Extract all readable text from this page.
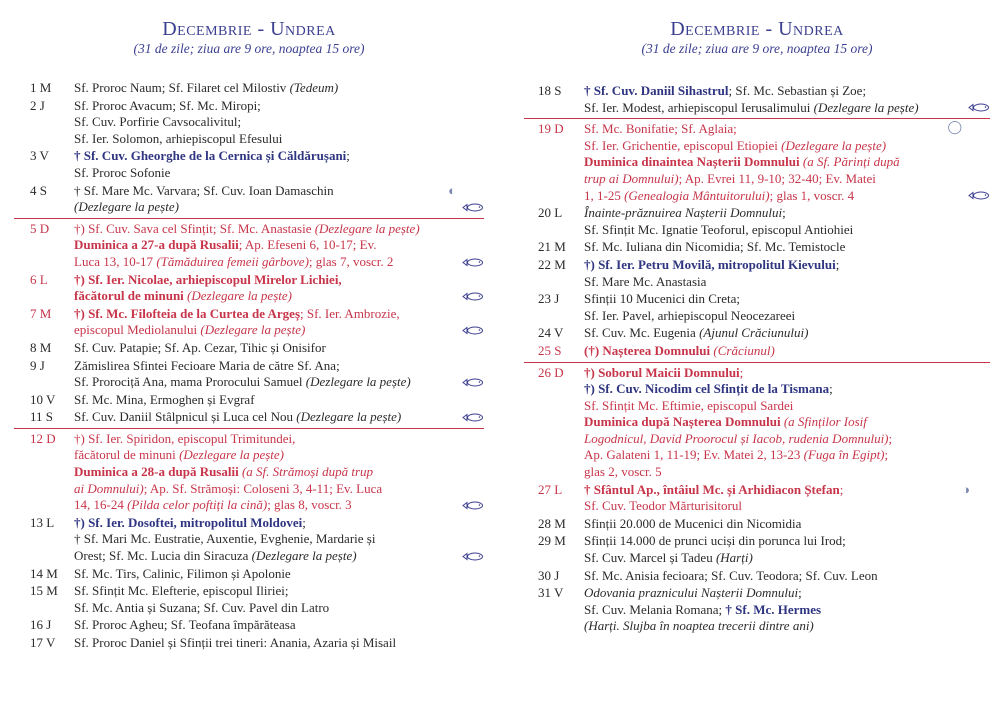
Decembrie - Undrea
(31 de zile; ziua are 9 ore, noaptea 15 ore)
1 M	Sf. Proroc Naum; Sf. Filaret cel Milostiv (Tedeum)
2 J	Sf. Proroc Avacum; Sf. Mc. Miropi;
Sf. Cuv. Porfirie Cavsocalivitul;
Sf. Ier. Solomon, arhiepiscopul Efesului
3 V	† Sf. Cuv. Gheorghe de la Cernica și Căldărușani;
Sf. Proroc Sofonie
4 S	† Sf. Mare Mc. Varvara; Sf. Cuv. Ioan Damaschin
(Dezlegare la pește)
◐
5 D	†) Sf. Cuv. Sava cel Sfințit; Sf. Mc. Anastasie (Dezlegare la pește)
Duminica a 27-a după Rusalii; Ap. Efeseni 6, 10-17; Ev.
Luca 13, 10-17 (Tămăduirea femeii gârbove); glas 7, voscr. 2
6 L	†) Sf. Ier. Nicolae, arhiepiscopul Mirelor Lichiei,
făcătorul de minuni (Dezlegare la pește)
7 M	†) Sf. Mc. Filofteia de la Curtea de Argeș; Sf. Ier. Ambrozie,
episcopul Mediolanului (Dezlegare la pește)
8 M	Sf. Cuv. Patapie; Sf. Ap. Cezar, Tihic și Onisifor
9 J	Zămislirea Sfintei Fecioare Maria de către Sf. Ana;
Sf. Prorociță Ana, mama Prorocului Samuel (Dezlegare la pește)
10 V	Sf. Mc. Mina, Ermoghen și Evgraf
11 S	Sf. Cuv. Daniil Stâlpnicul și Luca cel Nou (Dezlegare la pește)
12 D	†) Sf. Ier. Spiridon, episcopul Trimitundei,
făcătorul de minuni (Dezlegare la pește)
Duminica a 28-a după Rusalii (a Sf. Strămoși după trup
ai Domnului); Ap. Sf. Strămoși: Coloseni 3, 4-11; Ev. Luca
14, 16-24 (Pilda celor poftiți la cină); glas 8, voscr. 3
13 L	†) Sf. Ier. Dosoftei, mitropolitul Moldovei;
† Sf. Mari Mc. Eustratie, Auxentie, Evghenie, Mardarie și
Orest; Sf. Mc. Lucia din Siracuza (Dezlegare la pește)
14 M	Sf. Mc. Tirs, Calinic, Filimon și Apolonie
15 M	Sf. Sfințit Mc. Elefterie, episcopul Iliriei;
Sf. Mc. Antia și Suzana; Sf. Cuv. Pavel din Latro
16 J	Sf. Proroc Agheu; Sf. Teofana împărăteasa
17 V	Sf. Proroc Daniel și Sfinții trei tineri: Anania, Azaria și Misail
Decembrie - Undrea
(31 de zile; ziua are 9 ore, noaptea 15 ore)
18 S	† Sf. Cuv. Daniil Sihastrul; Sf. Mc. Sebastian și Zoe;
Sf. Ier. Modest, arhiepiscopul Ierusalimului (Dezlegare la pește)
19 D	Sf. Mc. Bonifatie; Sf. Aglaia;
Sf. Ier. Grichentie, episcopul Etiopiei (Dezlegare la pește)
Duminica dinaintea Nașterii Domnului (a Sf. Părinți după
trup ai Domnului); Ap. Evrei 11, 9-10; 32-40; Ev. Matei
1, 1-25 (Genealogia Mântuitorului); glas 1, voscr. 4
◯
20 L	Înainte-prăznuirea Nașterii Domnului;
Sf. Sfințit Mc. Ignatie Teoforul, episcopul Antiohiei
21 M	Sf. Mc. Iuliana din Nicomidia; Sf. Mc. Temistocle
22 M	†) Sf. Ier. Petru Movilă, mitropolitul Kievului;
Sf. Mare Mc. Anastasia
23 J	Sfinții 10 Mucenici din Creta;
Sf. Ier. Pavel, arhiepiscopul Neocezareei
24 V	Sf. Cuv. Mc. Eugenia (Ajunul Crăciunului)
25 S	(†) Nașterea Domnului (Crăciunul)
26 D	†) Soborul Maicii Domnului;
†) Sf. Cuv. Nicodim cel Sfințit de la Tismana;
Sf. Sfințit Mc. Eftimie, episcopul Sardei
Duminica după Nașterea Domnului (a Sfinților Iosif
Logodnicul, David Proorocul și Iacob, rudenia Domnului);
Ap. Galateni 1, 11-19; Ev. Matei 2, 13-23 (Fuga în Egipt);
glas 2, voscr. 5
27 L	† Sfântul Ap., întâiul Mc. și Arhidiacon Ștefan;
Sf. Cuv. Teodor Mărturisitorul
◑
28 M	Sfinții 20.000 de Mucenici din Nicomidia
29 M	Sfinții 14.000 de prunci uciși din porunca lui Irod;
Sf. Cuv. Marcel și Tadeu (Harți)
30 J	Sf. Mc. Anisia fecioara; Sf. Cuv. Teodora; Sf. Cuv. Leon
31 V	Odovania praznicului Nașterii Domnului;
Sf. Cuv. Melania Romana; † Sf. Mc. Hermes
(Harți. Slujba în noaptea trecerii dintre ani)
